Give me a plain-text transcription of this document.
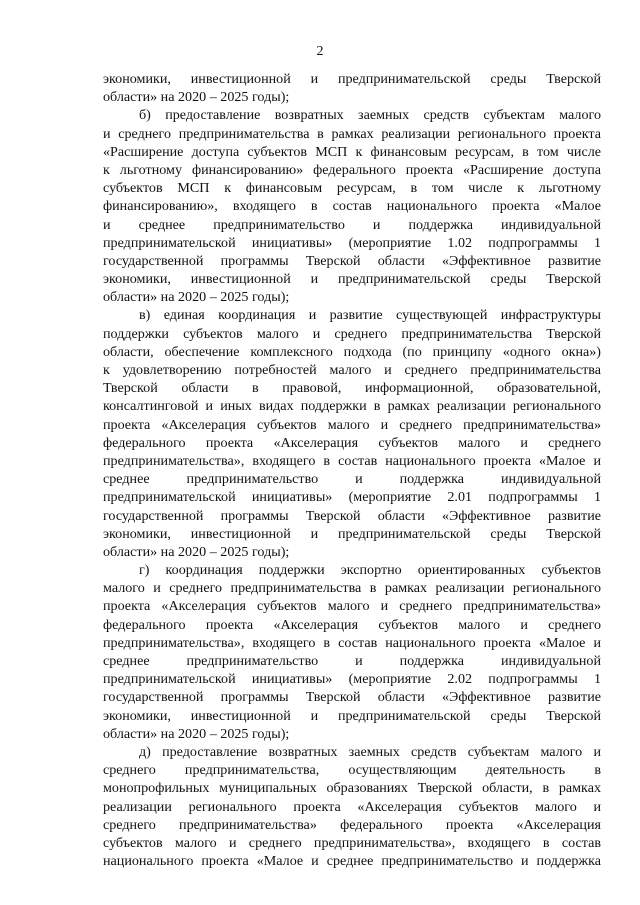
2
экономики, инвестиционной и предпринимательской среды Тверской
области» на 2020 – 2025 годы);
б) предоставление возвратных заемных средств субъектам малого
и среднего предпринимательства в рамках реализации регионального проекта
«Расширение доступа субъектов МСП к финансовым ресурсам, в том числе
к льготному финансированию» федерального проекта «Расширение доступа
субъектов МСП к финансовым ресурсам, в том числе к льготному
финансированию», входящего в состав национального проекта «Малое
и среднее предпринимательство и поддержка индивидуальной
предпринимательской инициативы» (мероприятие 1.02 подпрограммы 1
государственной программы Тверской области «Эффективное развитие
экономики, инвестиционной и предпринимательской среды Тверской
области» на 2020 – 2025 годы);
в) единая координация и развитие существующей инфраструктуры
поддержки субъектов малого и среднего предпринимательства Тверской
области, обеспечение комплексного подхода (по принципу «одного окна»)
к удовлетворению потребностей малого и среднего предпринимательства
Тверской области в правовой, информационной, образовательной,
консалтинговой и иных видах поддержки в рамках реализации регионального
проекта «Акселерация субъектов малого и среднего предпринимательства»
федерального проекта «Акселерация субъектов малого и среднего
предпринимательства», входящего в состав национального проекта «Малое и
среднее предпринимательство и поддержка индивидуальной
предпринимательской инициативы» (мероприятие 2.01 подпрограммы 1
государственной программы Тверской области «Эффективное развитие
экономики, инвестиционной и предпринимательской среды Тверской
области» на 2020 – 2025 годы);
г) координация поддержки экспортно ориентированных субъектов
малого и среднего предпринимательства в рамках реализации регионального
проекта «Акселерация субъектов малого и среднего предпринимательства»
федерального проекта «Акселерация субъектов малого и среднего
предпринимательства», входящего в состав национального проекта «Малое и
среднее предпринимательство и поддержка индивидуальной
предпринимательской инициативы» (мероприятие 2.02 подпрограммы 1
государственной программы Тверской области «Эффективное развитие
экономики, инвестиционной и предпринимательской среды Тверской
области» на 2020 – 2025 годы);
д) предоставление возвратных заемных средств субъектам малого и
среднего предпринимательства, осуществляющим деятельность в
монопрофильных муниципальных образованиях Тверской области, в рамках
реализации регионального проекта «Акселерация субъектов малого и
среднего предпринимательства» федерального проекта «Акселерация
субъектов малого и среднего предпринимательства», входящего в состав
национального проекта «Малое и среднее предпринимательство и поддержка
